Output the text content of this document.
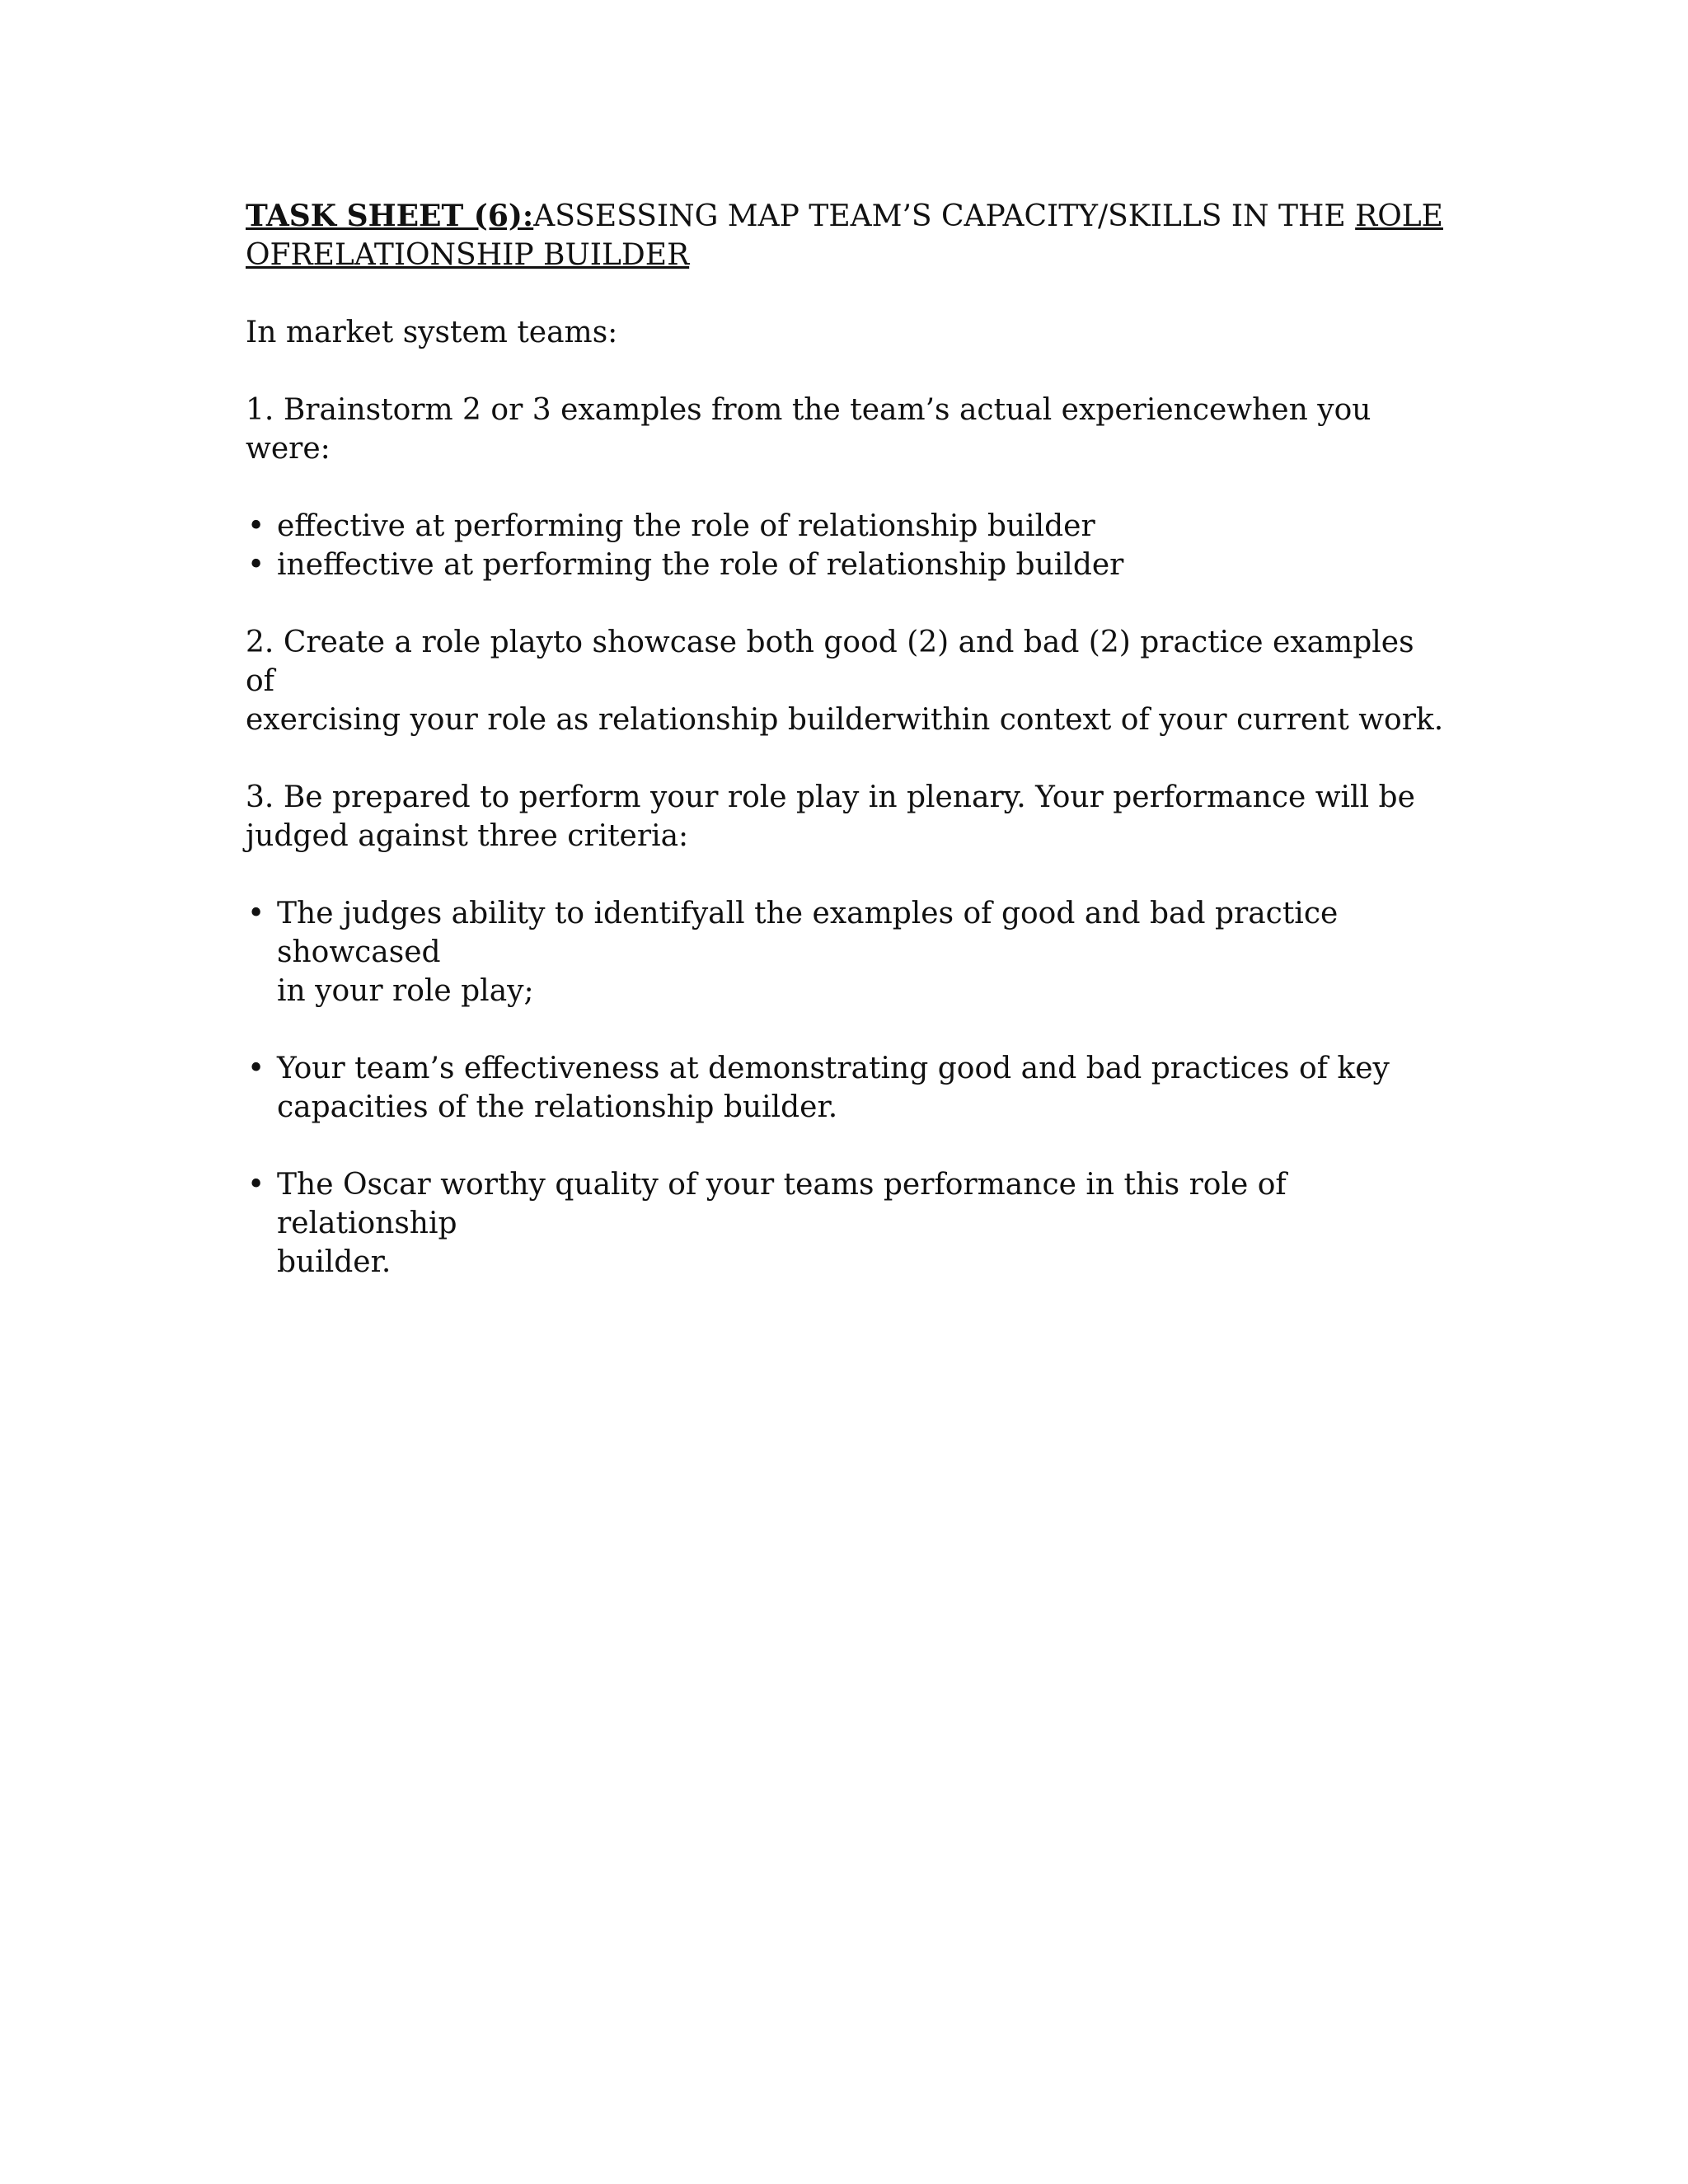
TASK SHEET (6):ASSESSING MAP TEAM’S CAPACITY/SKILLS IN THE ROLE
OFRELATIONSHIP BUILDER

In market system teams:

1. Brainstorm 2 or 3 examples from the team’s actual experiencewhen you were:

• effective at performing the role of relationship builder
• ineffective at performing the role of relationship builder
2. Create a role playto showcase both good (2) and bad (2) practice examples of
exercising your role as relationship builderwithin context of your current work.
3. Be prepared to perform your role play in plenary. Your performance will be
judged against three criteria:
• The judges ability to identifyall the examples of good and bad practice showcased
in your role play;
• Your team’s effectiveness at demonstrating good and bad practices of key
capacities of the relationship builder.
• The Oscar worthy quality of your teams performance in this role of relationship
builder.
